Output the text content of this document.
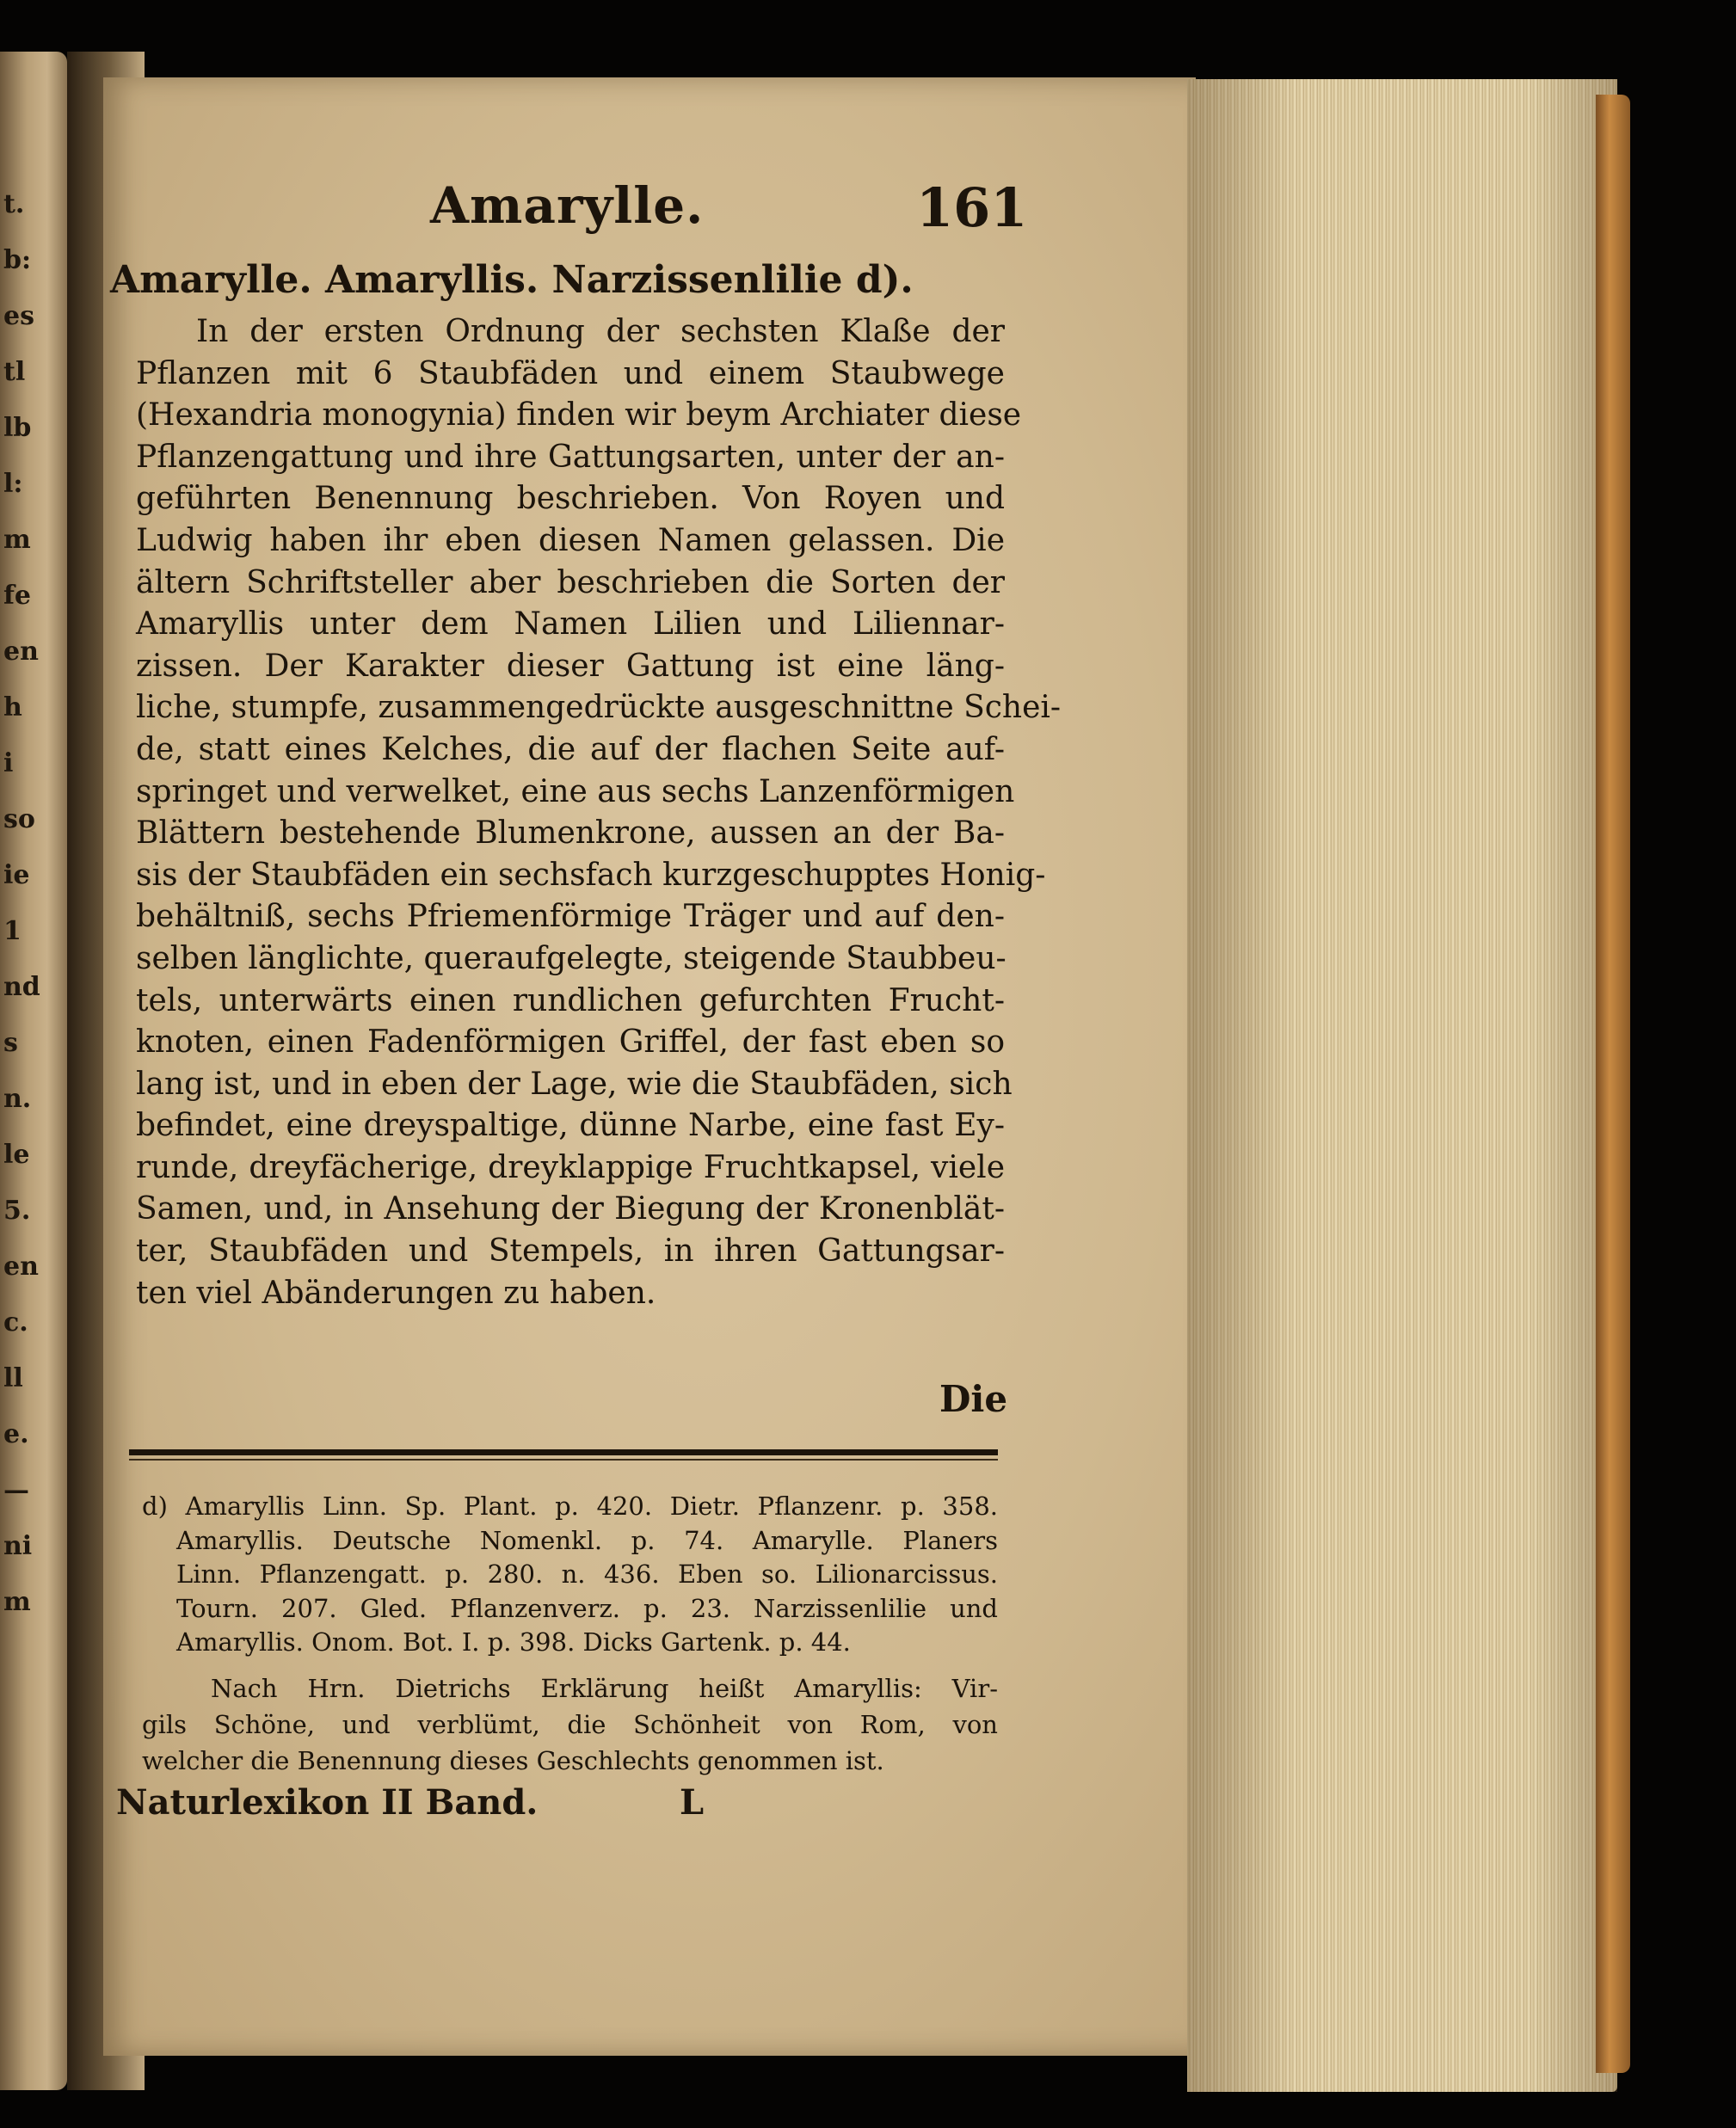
t.
b:
es
tl
lb
l:
m
fe
en
h
i
so
ie
1
nd
s
n.
le
5.
en
c.
ll
e.
—
ni
m
Amarylle.	161
Amarylle. Amaryllis. Narzissenlilie d).
In der ersten Ordnung der sechsten Klaße der
Pflanzen mit 6 Staubfäden und einem Staubwege
(Hexandria monogynia) finden wir beym Archiater diese
Pflanzengattung und ihre Gattungsarten, unter der an-
geführten Benennung beschrieben. Von Royen und
Ludwig haben ihr eben diesen Namen gelassen. Die
ältern Schriftsteller aber beschrieben die Sorten der
Amaryllis unter dem Namen Lilien und Liliennar-
zissen. Der Karakter dieser Gattung ist eine läng-
liche, stumpfe, zusammengedrückte ausgeschnittne Schei-
de, statt eines Kelches, die auf der flachen Seite auf-
springet und verwelket, eine aus sechs Lanzenförmigen
Blättern bestehende Blumenkrone, aussen an der Ba-
sis der Staubfäden ein sechsfach kurzgeschupptes Honig-
behältniß, sechs Pfriemenförmige Träger und auf den-
selben länglichte, queraufgelegte, steigende Staubbeu-
tels, unterwärts einen rundlichen gefurchten Frucht-
knoten, einen Fadenförmigen Griffel, der fast eben so
lang ist, und in eben der Lage, wie die Staubfäden, sich
befindet, eine dreyspaltige, dünne Narbe, eine fast Ey-
runde, dreyfächerige, dreyklappige Fruchtkapsel, viele
Samen, und, in Ansehung der Biegung der Kronenblät-
ter, Staubfäden und Stempels, in ihren Gattungsar-
ten viel Abänderungen zu haben.
Die
d) Amaryllis Linn. Sp. Plant. p. 420. Dietr. Pflanzenr. p. 358.
Amaryllis. Deutsche Nomenkl. p. 74. Amarylle. Planers
Linn. Pflanzengatt. p. 280. n. 436. Eben so. Lilionarcissus.
Tourn. 207. Gled. Pflanzenverz. p. 23. Narzissenlilie und
Amaryllis. Onom. Bot. I. p. 398. Dicks Gartenk. p. 44.
Nach Hrn. Dietrichs Erklärung heißt Amaryllis: Vir-
gils Schöne, und verblümt, die Schönheit von Rom, von
welcher die Benennung dieses Geschlechts genommen ist.
Naturlexikon II Band.	L
